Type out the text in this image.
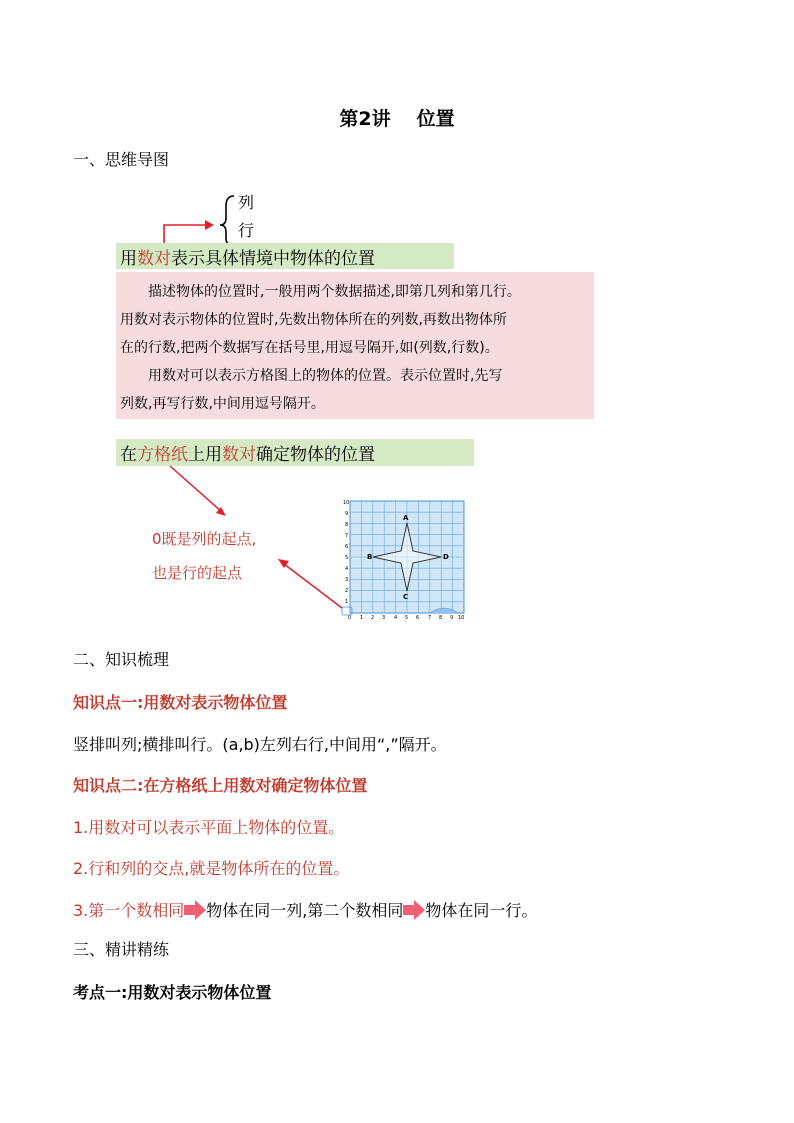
第2讲 位置
一、思维导图
列
行
用数对表示具体情境中物体的位置

描述物体的位置时,一般用两个数据描述,即第几列和第几行。

用数对表示物体的位置时,先数出物体所在的列数,再数出物体所

在的行数,把两个数据写在括号里,用逗号隔开,如(列数,行数)。

用数对可以表示方格图上的物体的位置。表示位置时,先写

列数,再写行数,中间用逗号隔开。

在方格纸上用数对确定物体的位置
0既是列的起点,
也是行的起点
10
9
8
7
6
5
4
3
2
1
0 1 2 3 4 5 6 7 8 9 10
A
B
C
D
二、知识梳理
知识点一:用数对表示物体位置
竖排叫列;横排叫行。(a,b)左列右行,中间用“,”隔开。
知识点二:在方格纸上用数对确定物体位置
1.用数对可以表示平面上物体的位置。
2.行和列的交点,就是物体所在的位置。
3.第一个数相同 物体在同一列,第二个数相同 物体在同一行。
三、精讲精练
考点一:用数对表示物体位置
